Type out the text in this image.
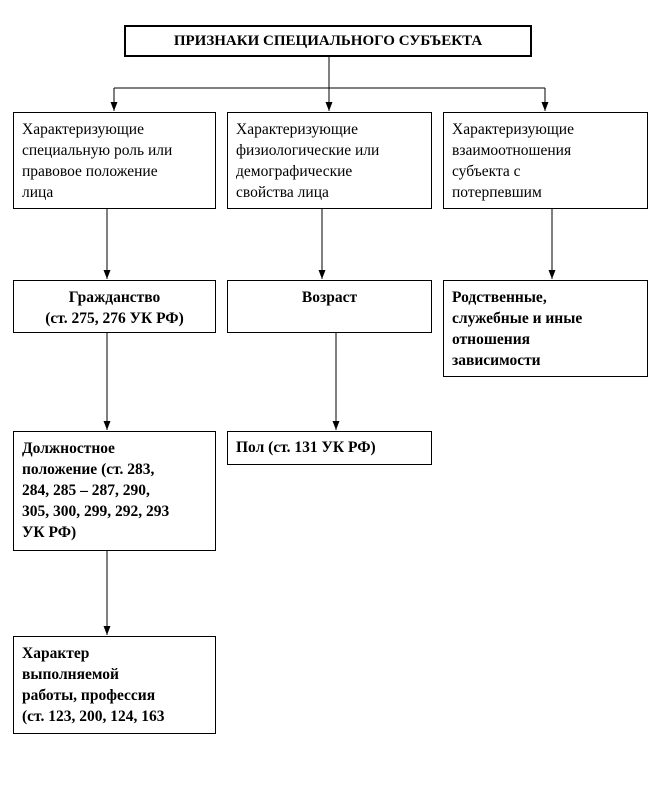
ПРИЗНАКИ СПЕЦИАЛЬНОГО СУБЪЕКТА
Характеризующие
специальную роль или
правовое положение
лица
Характеризующие
физиологические или
демографические
свойства лица
Характеризующие
взаимоотношения
субъекта с
потерпевшим
Гражданство
(ст. 275, 276 УК РФ)
Возраст	Родственные,
служебные и иные
отношения
зависимости
Должностное
положение (ст. 283,
284, 285 – 287, 290,
305, 300, 299, 292, 293
УК РФ)
Пол (ст. 131 УК РФ)
Характер
выполняемой
работы, профессия
(ст. 123, 200, 124, 163
